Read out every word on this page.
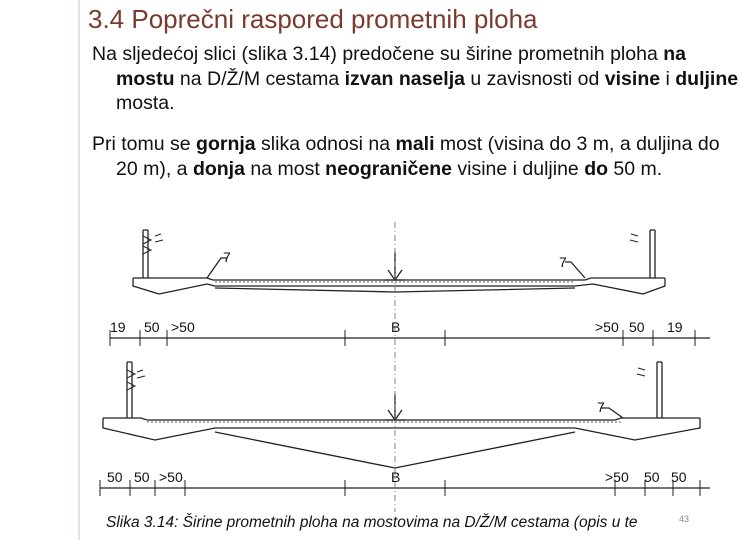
3.4 Poprečni raspored prometnih ploha
Na sljedećoj slici (slika 3.14) predočene su širine prometnih ploha na mostu na D/Ž/M cestama izvan naselja u zavisnosti od visine i duljine mosta.
Pri tomu se gornja slika odnosi na mali most (visina do 3 m, a duljina do 20 m), a donja na most neograničene visine i duljine do 50 m.
7	7
19 50 >50	B	>50 50 19
7
50 50 >50	B	>50 50 50
Slika 3.14: Širine prometnih ploha na mostovima na D/Ž/M cestama (opis u te	43
